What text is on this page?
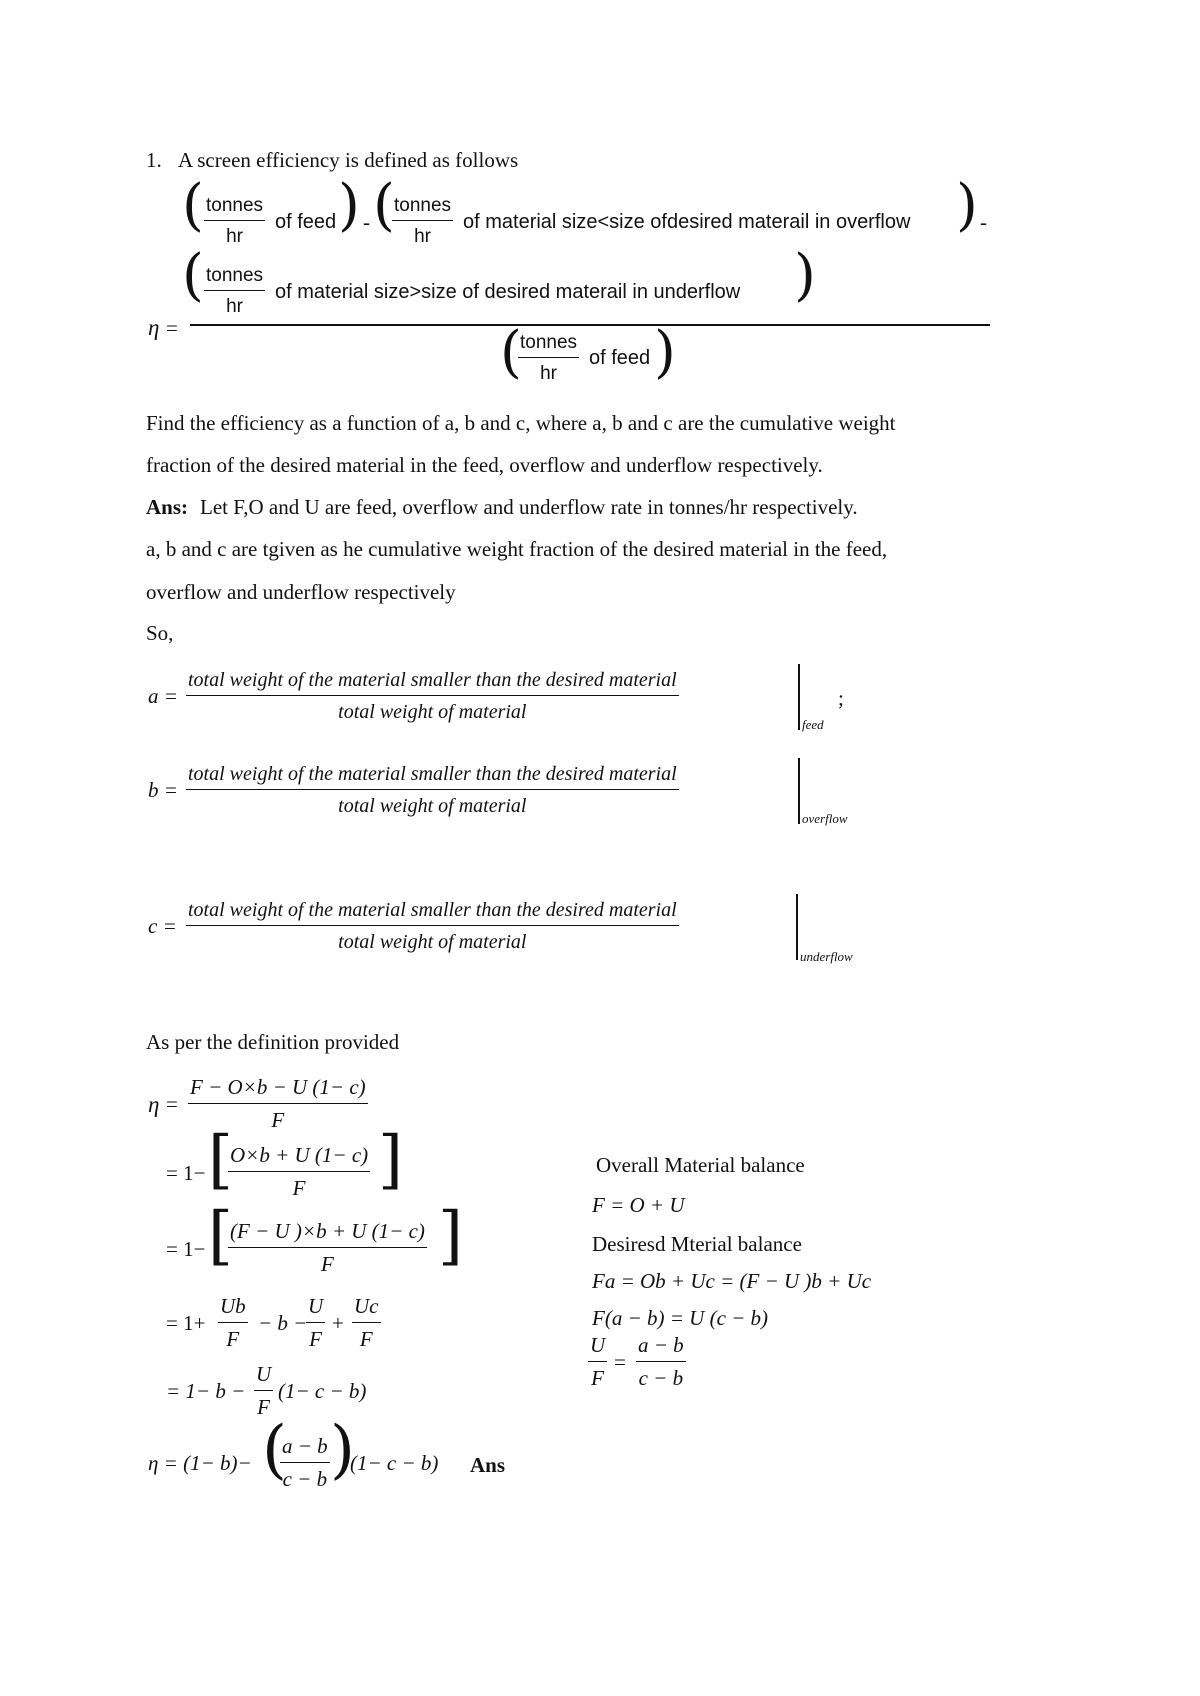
1. A screen efficiency is defined as follows
( tonnes
hr
of feed ) - ( tonnes
hr
of material size<size ofdesired materail in overflow ) -
( tonnes
hr
of material size>size of desired materail in underflow )
η =	(
tonnes
hr
of feed )
Find the efficiency as a function of a, b and c, where a, b and c are the cumulative weight
fraction of the desired material in the feed, overflow and underflow respectively.
Ans: Let F,O and U are feed, overflow and underflow rate in tonnes/hr respectively.
a, b and c are tgiven as he cumulative weight fraction of the desired material in the feed,
overflow and underflow respectively
So,
a =
total weight of the material smaller than the desired material
total weight of material
feed
;
b =
total weight of the material smaller than the desired material
total weight of material
overflow
c =
total weight of the material smaller than the desired material
total weight of material
underflow
As per the definition provided
$\eta = \frac{F - O\times b - U (1- c)}{F}$
= 1− [
$\frac{O\times b + U (1- c)}{F}$ ]
= 1− [
$\frac{(F - U )\times b + U (1- c)}{F}$ ]
= $1+ \frac{Ub}{F} - b$ −
$\frac{U}{F} + \frac{Uc}{F}$
= $1- b - \frac{U}{F} (1- c - b)$
η = (1− b)− (
$\frac{a - b}{c - b}$ )
(1− c − b) Ans
Overall Material balance
F = O + U
Desiresd Mterial balance
Fa = Ob + Uc = (F − U )b + Uc
F(a − b) = U (c − b)
$\frac{U}{F} = \frac{a - b}{c - b}$
